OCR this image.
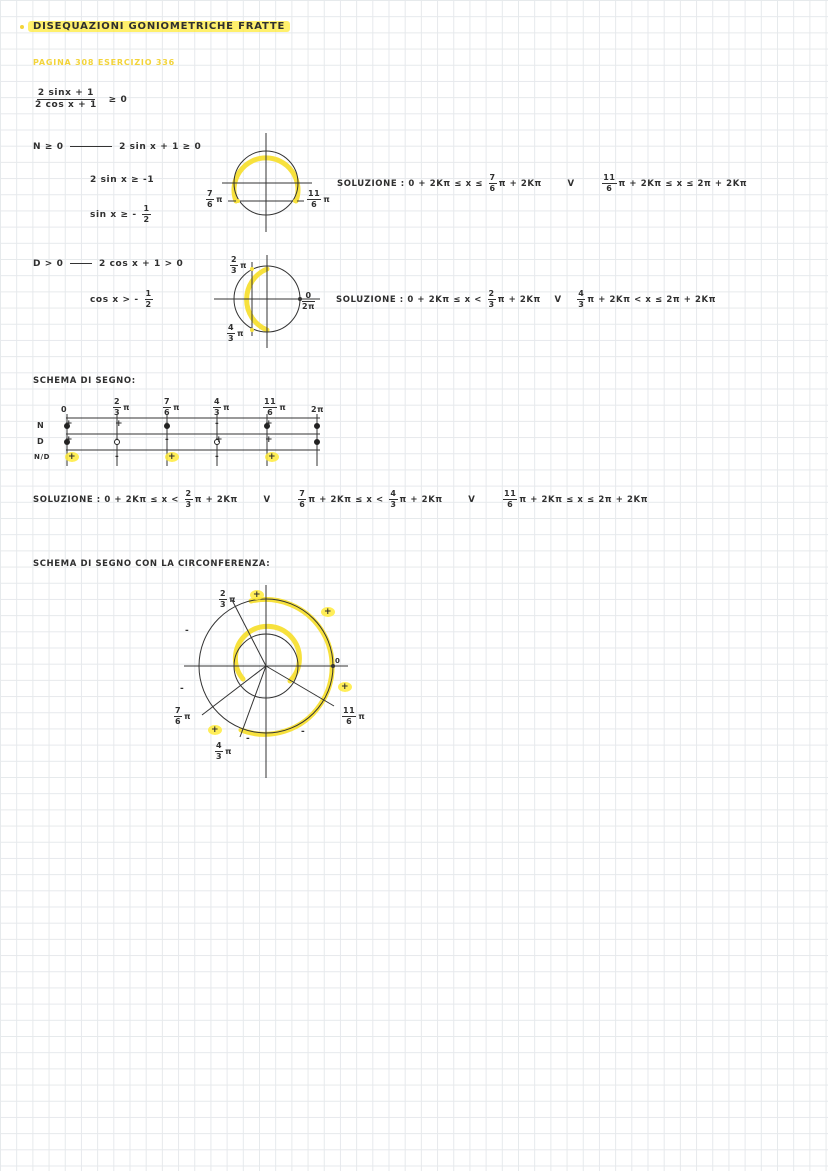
DISEQUAZIONI GONIOMETRICHE FRATTE
PAGINA 308 ESERCIZIO 336
$\frac{2 \sin x + 1}{\text{2 cos x + 1}} \ge 0$
N ≥ 0	2 sin x + 1 ≥ 0
2 sin x ≥ -1
sin x ≥ - $\frac{1}{2}$
$\frac{7}{6}$ π	$\frac{11}{6}$ π
SOLUZIONE : $0 + 2K\pi \le x \le \frac{7}{6}$ π + 2Kπ	V	$\frac{11}{6}$ π + 2Kπ ≤ x ≤ 2π + 2Kπ
D > 0	2 cos x + 1 > 0
cos x > - $\frac{1}{2}$
$\frac{2}{3}$ π
$\frac{4}{3}$ π
$\frac{0}{2\pi}$ SOLUZIONE : $0 + 2K\pi \le x < \frac{2}{3}$ π + 2Kπ V $\frac{4}{3}$ π + 2Kπ < x ≤ 2π + 2Kπ
SCHEMA DI SEGNO:
N
D
N/D
0	$\frac{2}{3}$ π	$\frac{7}{6}$ π	$\frac{4}{3}$ π	$\frac{11}{6}$ π	2π
+	+	-	-	+
+	-	-	+	+
+	-	+	-	+
SOLUZIONE : $0 + 2K\pi \le x < \frac{2}{3}$ π + 2Kπ	V	$\frac{7}{6}$ $\pi + 2K\pi \le x < \frac{4}{3}$ π + 2Kπ	V	$\frac{11}{6}$ π + 2Kπ ≤ x ≤ 2π + 2Kπ
SCHEMA DI SEGNO CON LA CIRCONFERENZA:
$\frac{2}{3}$ π
$\frac{7}{6}$ π
$\frac{4}{3}$ π
$\frac{11}{6}$ π
0
+
+
-
+
-
+
-
-
